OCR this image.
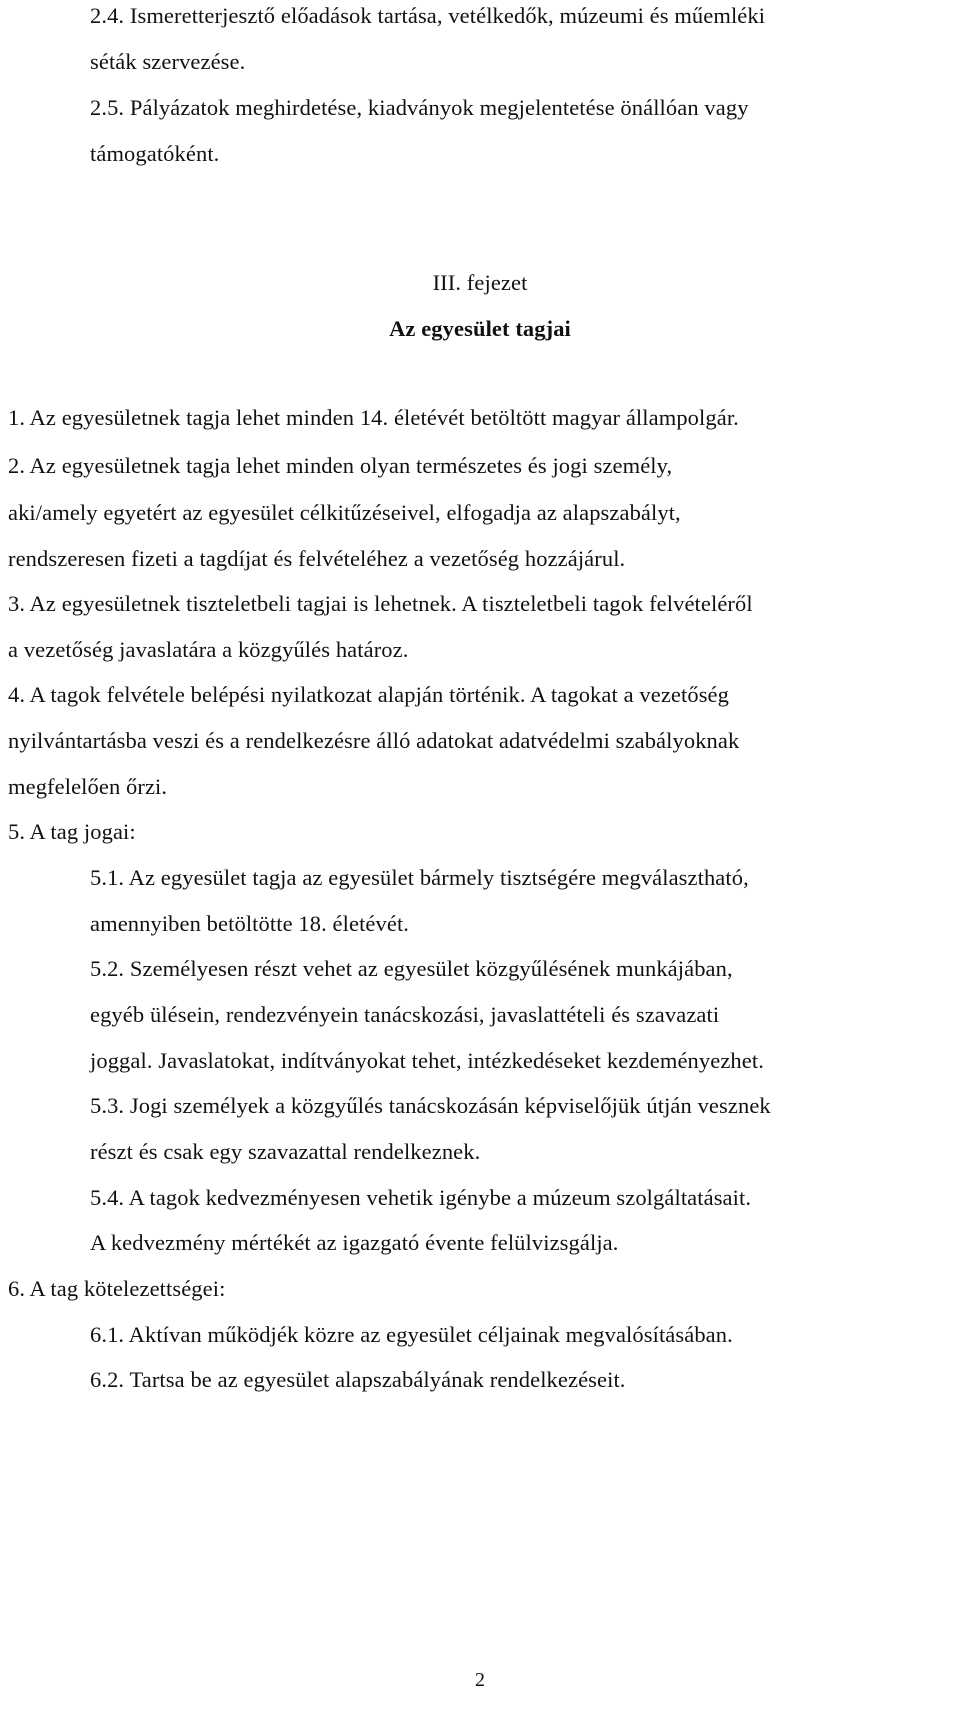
2.4. Ismeretterjesztő előadások tartása, vetélkedők, múzeumi és műemléki
séták szervezése.
2.5. Pályázatok meghirdetése, kiadványok megjelentetése önállóan vagy
támogatóként.
III. fejezet
Az egyesület tagjai
1. Az egyesületnek tagja lehet minden 14. életévét betöltött magyar állampolgár.
2. Az egyesületnek tagja lehet minden olyan természetes és jogi személy,
aki/amely egyetért az egyesület célkitűzéseivel, elfogadja az alapszabályt,
rendszeresen fizeti a tagdíjat és felvételéhez a vezetőség hozzájárul.
3. Az egyesületnek tiszteletbeli tagjai is lehetnek. A tiszteletbeli tagok felvételéről
a vezetőség javaslatára a közgyűlés határoz.
4. A tagok felvétele belépési nyilatkozat alapján történik. A tagokat a vezetőség
nyilvántartásba veszi és a rendelkezésre álló adatokat adatvédelmi szabályoknak
megfelelően őrzi.
5. A tag jogai:
5.1. Az egyesület tagja az egyesület bármely tisztségére megválasztható,
amennyiben betöltötte 18. életévét.
5.2. Személyesen részt vehet az egyesület közgyűlésének munkájában,
egyéb ülésein, rendezvényein tanácskozási, javaslattételi és szavazati
joggal. Javaslatokat, indítványokat tehet, intézkedéseket kezdeményezhet.
5.3. Jogi személyek a közgyűlés tanácskozásán képviselőjük útján vesznek
részt és csak egy szavazattal rendelkeznek.
5.4. A tagok kedvezményesen vehetik igénybe a múzeum szolgáltatásait.
A kedvezmény mértékét az igazgató évente felülvizsgálja.
6. A tag kötelezettségei:
6.1. Aktívan működjék közre az egyesület céljainak megvalósításában.
6.2. Tartsa be az egyesület alapszabályának rendelkezéseit.
2
